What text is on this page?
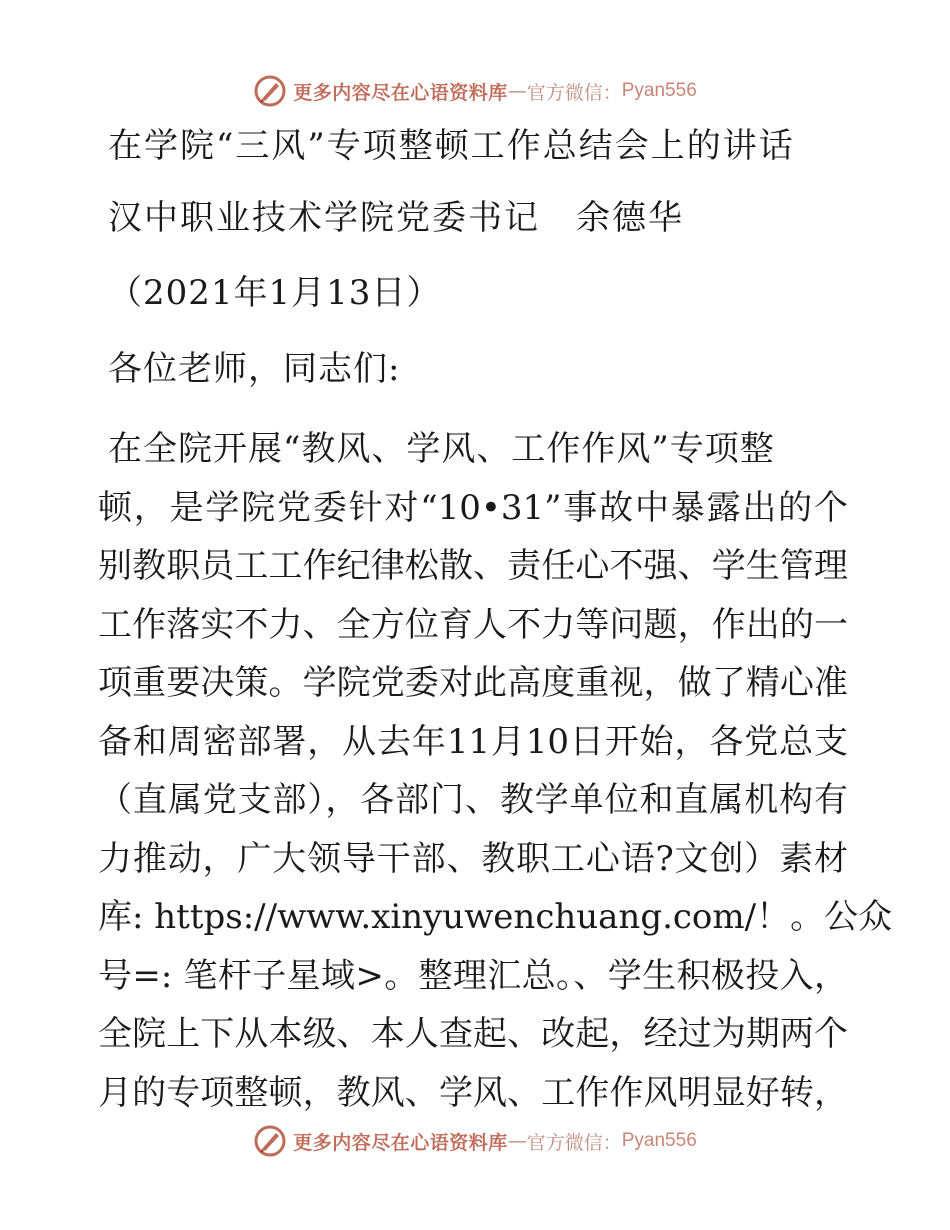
更多内容尽在心语资料库 — 官方微信： Pyan556
在学院“三风”专项整顿工作总结会上的讲话
汉中职业技术学院党委书记　余德华
（2021年1月13日）
各位老师，同志们:
在全院开展“教风、学风、工作作风”专项整
顿，是学院党委针对“10•31”事故中暴露出的个
别教职员工工作纪律松散、责任心不强、学生管理
工作落实不力、全方位育人不力等问题，作出的一
项重要决策。学院党委对此高度重视，做了精心准
备和周密部署，从去年11月10日开始，各党总支
（直属党支部），各部门、教学单位和直属机构有
力推动，广大领导干部、教职工心语?文创）素材
库: https://www.xinyuwenchuang.com/！。公众
号=: 笔杆子星域>。整理汇总。、学生积极投入，
全院上下从本级、本人查起、改起，经过为期两个
月的专项整顿，教风、学风、工作作风明显好转，
更多内容尽在心语资料库 — 官方微信： Pyan556
